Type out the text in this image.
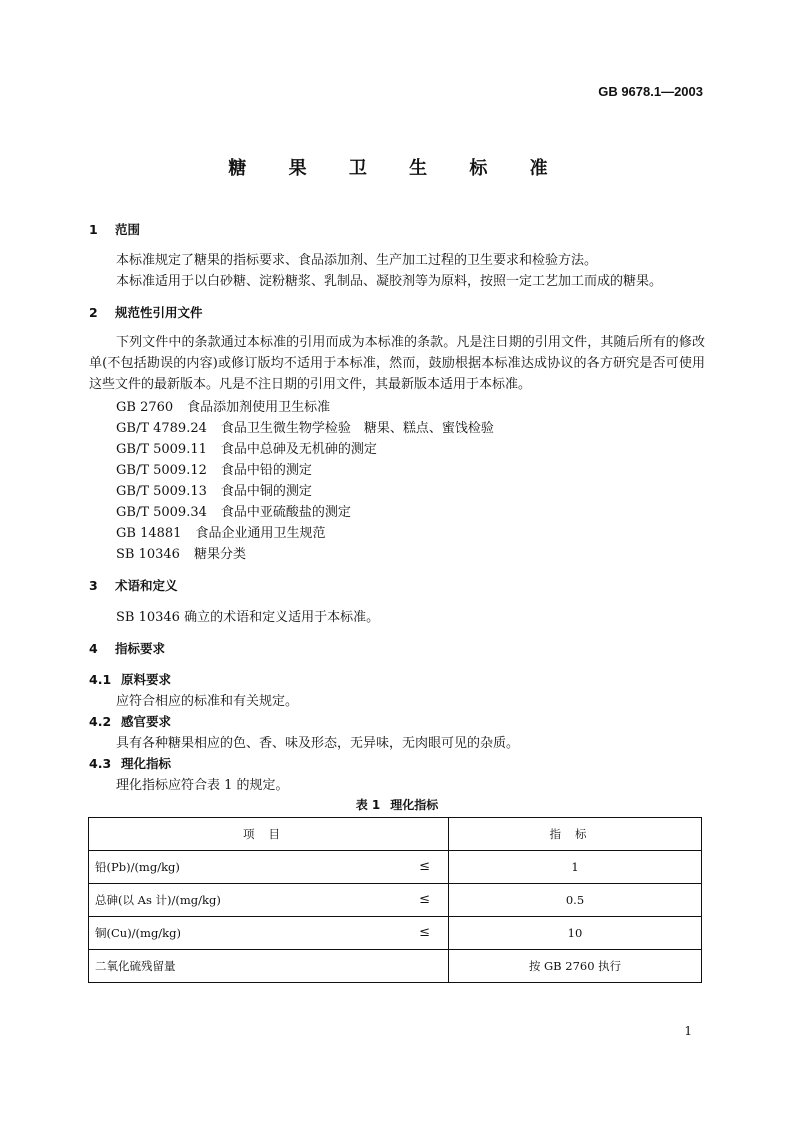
GB 9678.1—2003
糖 果 卫 生 标 准
1 范围
本标准规定了糖果的指标要求、食品添加剂、生产加工过程的卫生要求和检验方法。
本标准适用于以白砂糖、淀粉糖浆、乳制品、凝胶剂等为原料，按照一定工艺加工而成的糖果。
2 规范性引用文件
下列文件中的条款通过本标准的引用而成为本标准的条款。凡是注日期的引用文件，其随后所有的修改单(不包括勘误的内容)或修订版均不适用于本标准，然而，鼓励根据本标准达成协议的各方研究是否可使用这些文件的最新版本。凡是不注日期的引用文件，其最新版本适用于本标准。
GB 2760 食品添加剂使用卫生标准
GB/T 4789.24 食品卫生微生物学检验　糖果、糕点、蜜饯检验
GB/T 5009.11 食品中总砷及无机砷的测定
GB/T 5009.12 食品中铅的测定
GB/T 5009.13 食品中铜的测定
GB/T 5009.34 食品中亚硫酸盐的测定
GB 14881 食品企业通用卫生规范
SB 10346 糖果分类
3 术语和定义
SB 10346 确立的术语和定义适用于本标准。
4 指标要求
4.1 原料要求
应符合相应的标准和有关规定。
4.2 感官要求
具有各种糖果相应的色、香、味及形态，无异味，无肉眼可见的杂质。
4.3 理化指标
理化指标应符合表 1 的规定。
表 1 理化指标
项目	指标
铅(Pb)/(mg/kg) ≤	1
总砷(以 As 计)/(mg/kg) ≤	0.5
铜(Cu)/(mg/kg) ≤	10
二氧化硫残留量	按 GB 2760 执行
1
